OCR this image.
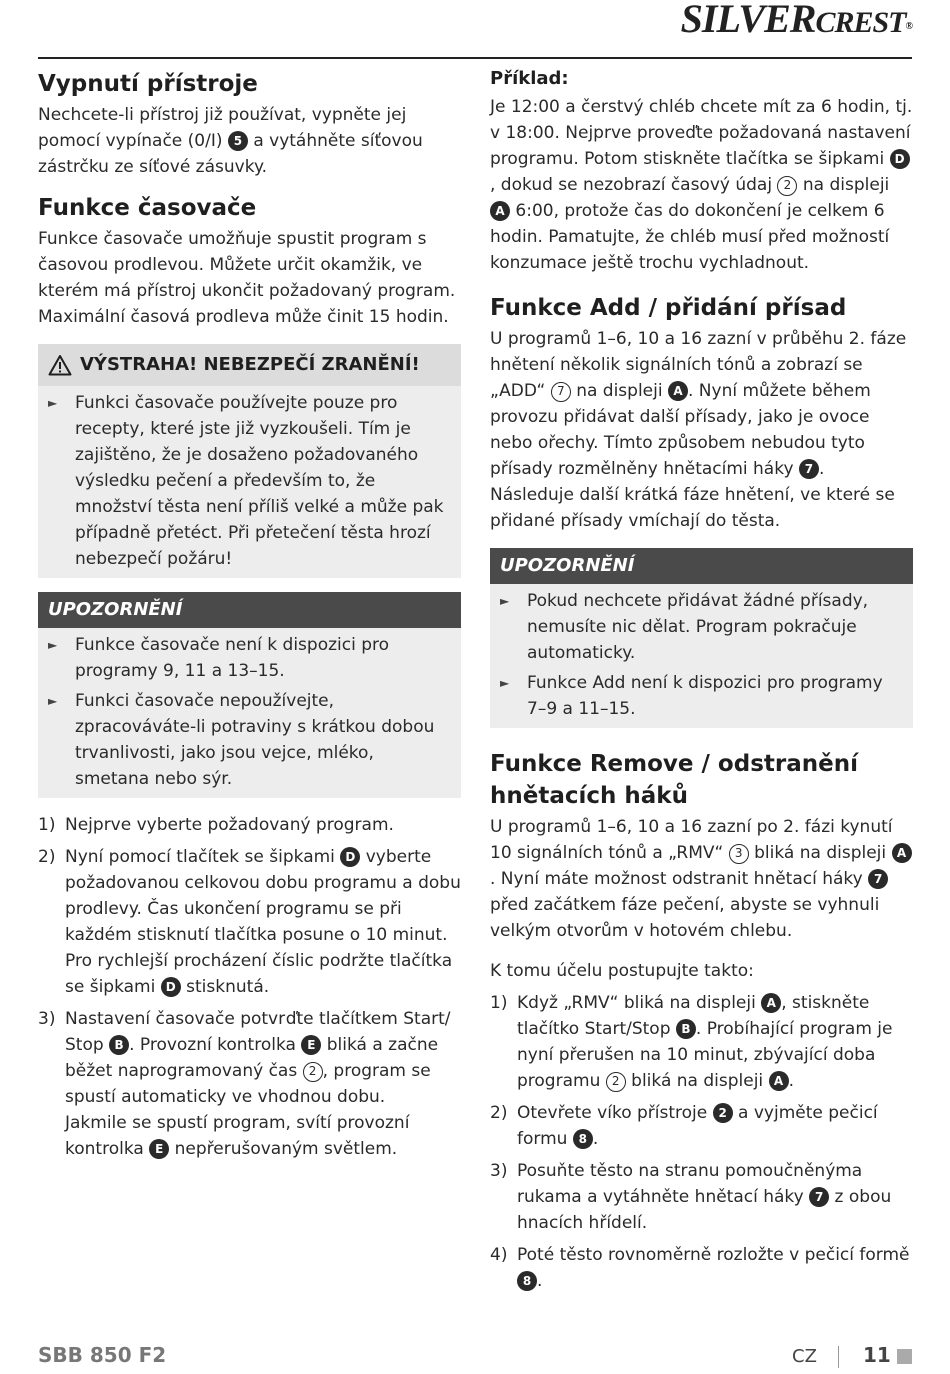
SILVERCREST®
Vypnutí přístroje

Nechcete-li přístroj již používat, vypněte jej pomocí vypínače (0/I) 5 a vytáhněte síťovou zástrčku ze síťové zásuvky.

Funkce časovače

Funkce časovače umožňuje spustit program s časovou prodlevou. Můžete určit okamžik, ve kterém má přístroj ukončit požadovaný program. Maximální časová prodleva může činit 15 hodin.

VÝSTRAHA! NEBEZPEČÍ ZRANĚNÍ!
►	Funkci časovače používejte pouze pro recepty, které jste již vyzkoušeli. Tím je zajištěno, že je dosaženo požadovaného výsledku pečení a především to, že množství těsta není příliš velké a může pak případně přetéct. Při přetečení těsta hrozí nebezpečí požáru!
UPOZORNĚNÍ
►	Funkce časovače není k dispozici pro programy 9, 11 a 13–15.
►	Funkci časovače nepoužívejte, zpracováváte-li potraviny s krátkou dobou trvanlivosti, jako jsou vejce, mléko, smetana nebo sýr.
1) Nejprve vyberte požadovaný program.
2) Nyní pomocí tlačítek se šipkami D vyberte požadovanou celkovou dobu programu a dobu prodlevy. Čas ukončení programu se při každém stisknutí tlačítka posune o 10 minut. Pro rychlejší procházení číslic podržte tlačítka se šipkami D stisknutá.
3) Nastavení časovače potvrďte tlačítkem Start/ Stop B . Provozní kontrolka E bliká a začne běžet naprogramovaný čas 2 , program se spustí automaticky ve vhodnou dobu.
Jakmile se spustí program, svítí provozní kontrolka E nepřerušovaným světlem.
Příklad:

Je 12:00 a čerstvý chléb chcete mít za 6 hodin, tj. v 18:00. Nejprve proveďte požadovaná nastavení programu. Potom stiskněte tlačítka se šipkami D, dokud se nezobrazí časový údaj 2 na displeji A 6:00, protože čas do dokončení je celkem 6 hodin. Pamatujte, že chléb musí před možností konzumace ještě trochu vychladnout.

Funkce Add / přidání přísad

U programů 1–6, 10 a 16 zazní v průběhu 2. fáze hnětení několik signálních tónů a zobrazí se „ADD“ 7 na displeji A . Nyní můžete během provozu přidávat další přísady, jako je ovoce nebo ořechy. Tímto způsobem nebudou tyto přísady rozmělněny hnětacími háky 7 .
Následuje další krátká fáze hnětení, ve které se přidané přísady vmíchají do těsta.

UPOZORNĚNÍ
►	Pokud nechcete přidávat žádné přísady, nemusíte nic dělat. Program pokračuje automaticky.
►	Funkce Add není k dispozici pro programy 7–9 a 11–15.
Funkce Remove / odstranění hnětacích háků

U programů 1–6, 10 a 16 zazní po 2. fázi kynutí 10 signálních tónů a „RMV“ 3 bliká na displeji A. Nyní máte možnost odstranit hnětací háky 7 před začátkem fáze pečení, abyste se vyhnuli velkým otvorům v hotovém chlebu.

K tomu účelu postupujte takto:

1) Když „RMV“ bliká na displeji A , stiskněte tlačítko Start/Stop B . Probíhající program je nyní přerušen na 10 minut, zbývající doba programu 2 bliká na displeji A .
2) Otevřete víko přístroje 2 a vyjměte pečicí formu 8 .
3) Posuňte těsto na stranu pomoučněnýma rukama a vytáhněte hnětací háky 7 z obou hnacích hřídelí.
4) Poté těsto rovnoměrně rozložte v pečicí formě 8 .
SBB 850 F2	CZ 11
